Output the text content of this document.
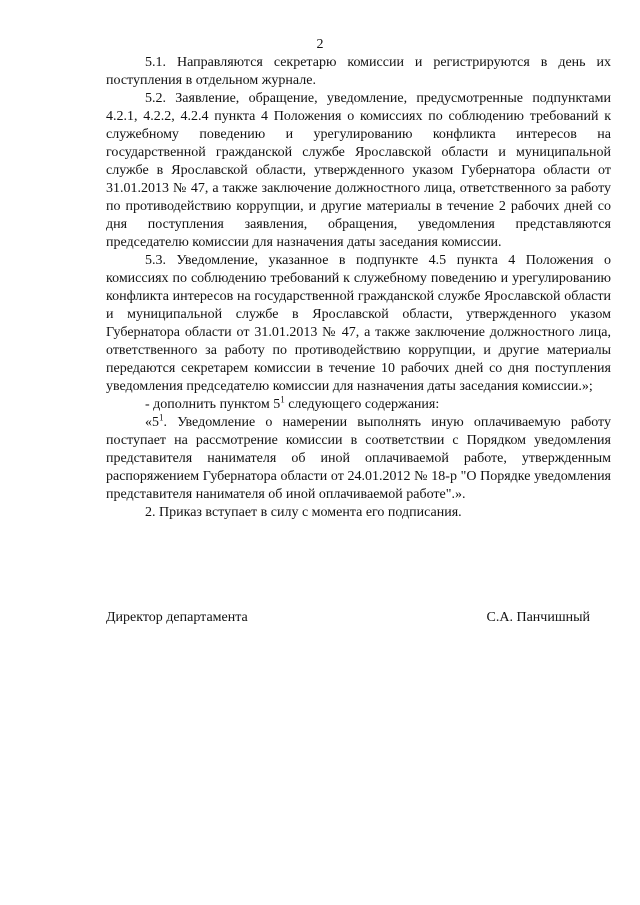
2

5.1. Направляются секретарю комиссии и регистрируются в день их поступления в отдельном журнале.

5.2. Заявление, обращение, уведомление, предусмотренные подпунктами 4.2.1, 4.2.2, 4.2.4 пункта 4 Положения о комиссиях по соблюдению требований к служебному поведению и урегулированию конфликта интересов на государственной гражданской службе Ярославской области и муниципальной службе в Ярославской области, утвержденного указом Губернатора области от 31.01.2013 № 47, а также заключение должностного лица, ответственного за работу по противодействию коррупции, и другие материалы в течение 2 рабочих дней со дня поступления заявления, обращения, уведомления представляются председателю комиссии для назначения даты заседания комиссии.

5.3. Уведомление, указанное в подпункте 4.5 пункта 4 Положения о комиссиях по соблюдению требований к служебному поведению и урегулированию конфликта интересов на государственной гражданской службе Ярославской области и муниципальной службе в Ярославской области, утвержденного указом Губернатора области от 31.01.2013 № 47, а также заключение должностного лица, ответственного за работу по противодействию коррупции, и другие материалы передаются секретарем комиссии в течение 10 рабочих дней со дня поступления уведомления председателю комиссии для назначения даты заседания комиссии.»;

- дополнить пунктом $5^1$ следующего содержания:

«$5^1$. Уведомление о намерении выполнять иную оплачиваемую работу поступает на рассмотрение комиссии в соответствии с Порядком уведомления представителя нанимателя об иной оплачиваемой работе, утвержденным распоряжением Губернатора области от 24.01.2012 № 18-р "О Порядке уведомления представителя нанимателя об иной оплачиваемой работе".».

2. Приказ вступает в силу с момента его подписания.

Директор департамента	С.А. Панчишный
